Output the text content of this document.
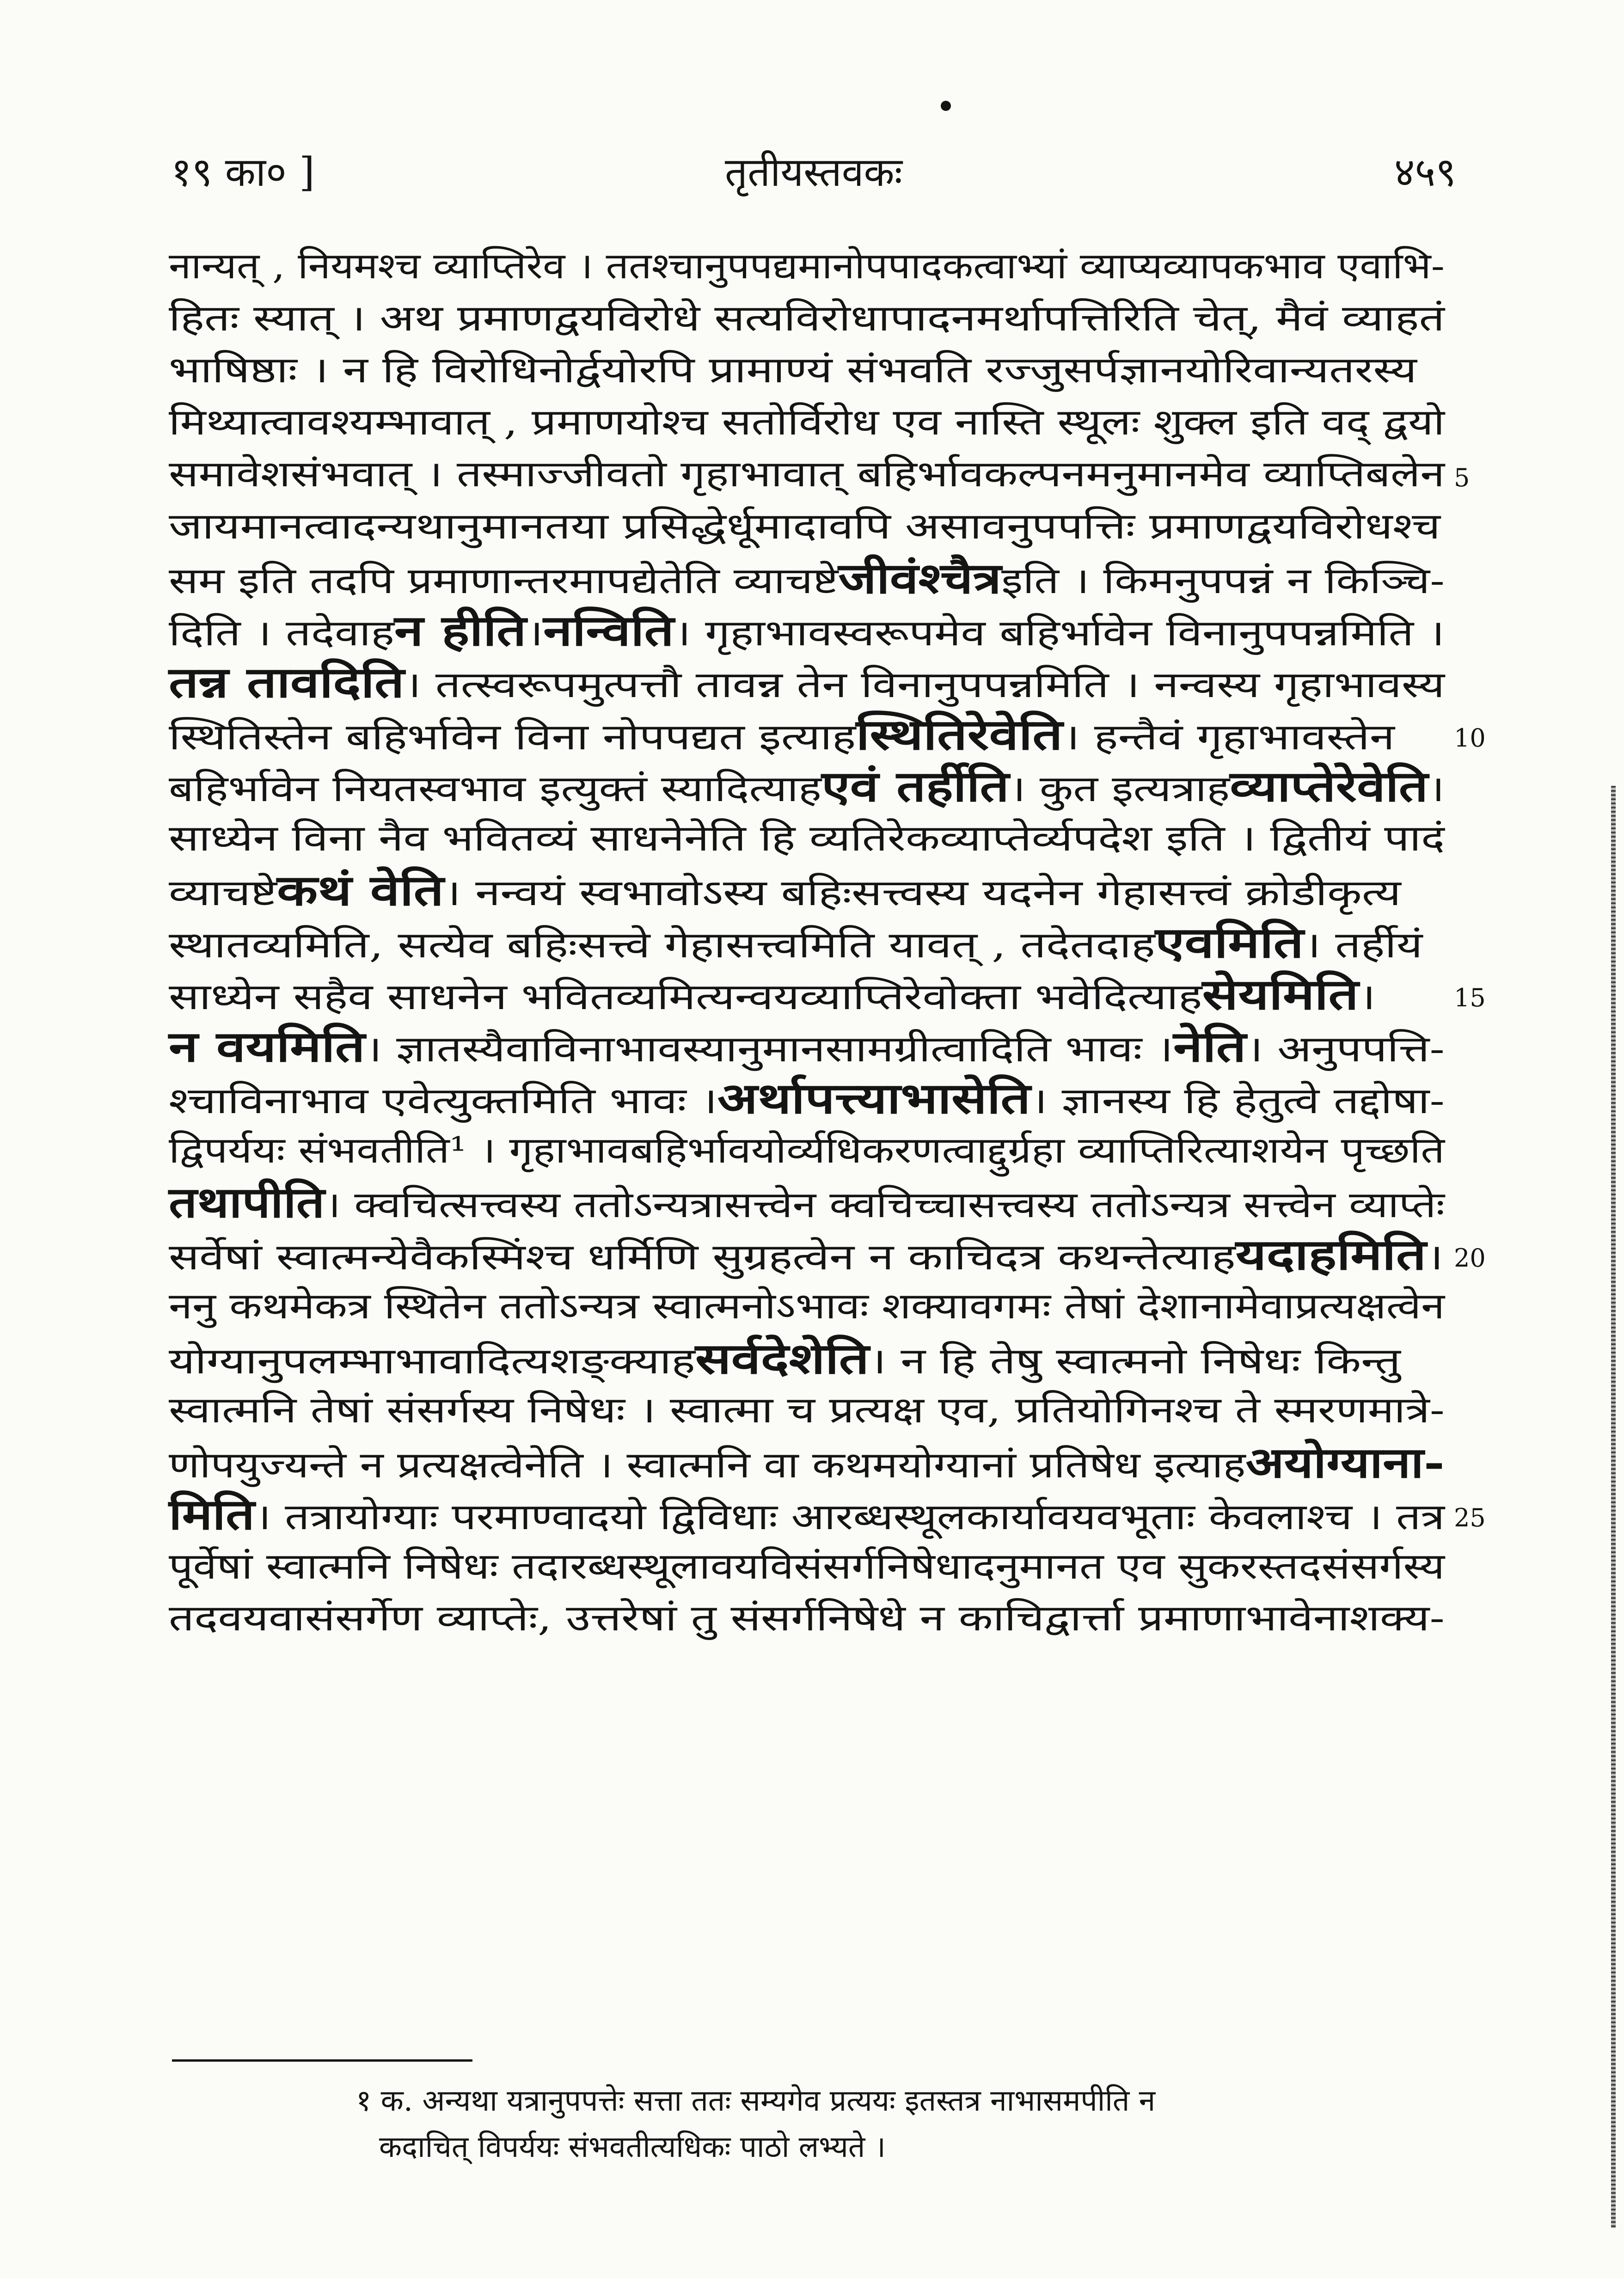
१९ का० ]	तृतीयस्तवकः	४५९
नान्यत् , नियमश्च व्याप्तिरेव । ततश्चानुपपद्यमानोपपादकत्वाभ्यां व्याप्यव्यापकभाव एवाभि-
हितः स्यात् । अथ प्रमाणद्वयविरोधे सत्यविरोधापादनमर्थापत्तिरिति चेत्, मैवं व्याहतं
भाषिष्ठाः । न हि विरोधिनोर्द्वयोरपि प्रामाण्यं संभवति रज्जुसर्पज्ञानयोरिवान्यतरस्य
मिथ्यात्वावश्यम्भावात् , प्रमाणयोश्च सतोर्विरोध एव नास्ति स्थूलः शुक्ल इति वद् द्वयो
समावेशसंभवात् । तस्माज्जीवतो गृहाभावात् बहिर्भावकल्पनमनुमानमेव व्याप्तिबलेन 5
जायमानत्वादन्यथानुमानतया प्रसिद्धेर्धूमादावपि असावनुपपत्तिः प्रमाणद्वयविरोधश्च
सम इति तदपि प्रमाणान्तरमापद्येतेति व्याचष्टेजीवंश्चैत्रइति । किमनुपपन्नं न किञ्चि-
दिति । तदेवाहन हीति।नन्विति। गृहाभावस्वरूपमेव बहिर्भावेन विनानुपपन्नमिति ।
तन्न तावदिति। तत्स्वरूपमुत्पत्तौ तावन्न तेन विनानुपपन्नमिति । नन्वस्य गृहाभावस्य
स्थितिस्तेन बहिर्भावेन विना नोपपद्यत इत्याहस्थितिरेवेति। हन्तैवं गृहाभावस्तेन 10
बहिर्भावेन नियतस्वभाव इत्युक्तं स्यादित्याहएवं तर्हीति। कुत इत्यत्राहव्याप्तेरेवेति।
साध्येन विना नैव भवितव्यं साधनेनेति हि व्यतिरेकव्याप्तेर्व्यपदेश इति । द्वितीयं पादं
व्याचष्टेकथं वेति। नन्वयं स्वभावोऽस्य बहिःसत्त्वस्य यदनेन गेहासत्त्वं क्रोडीकृत्य
स्थातव्यमिति, सत्येव बहिःसत्त्वे गेहासत्त्वमिति यावत् , तदेतदाहएवमिति। तर्हीयं
साध्येन सहैव साधनेन भवितव्यमित्यन्वयव्याप्तिरेवोक्ता भवेदित्याहसेयमिति।	15
न वयमिति। ज्ञातस्यैवाविनाभावस्यानुमानसामग्रीत्वादिति भावः ।नेति। अनुपपत्ति-
श्चाविनाभाव एवेत्युक्तमिति भावः ।अर्थापत्त्याभासेति। ज्ञानस्य हि हेतुत्वे तद्दोषा-
द्विपर्ययः संभवतीति¹ । गृहाभावबहिर्भावयोर्व्यधिकरणत्वाद्दुर्ग्रहा व्याप्तिरित्याशयेन पृच्छति
तथापीति। क्वचित्सत्त्वस्य ततोऽन्यत्रासत्त्वेन क्वचिच्चासत्त्वस्य ततोऽन्यत्र सत्त्वेन व्याप्तेः
सर्वेषां स्वात्मन्येवैकस्मिंश्च धर्मिणि सुग्रहत्वेन न काचिदत्र कथन्तेत्याहयदाहमिति। 20
ननु कथमेकत्र स्थितेन ततोऽन्यत्र स्वात्मनोऽभावः शक्यावगमः तेषां देशानामेवाप्रत्यक्षत्वेन
योग्यानुपलम्भाभावादित्यशङ्क्याहसर्वदेशेति। न हि तेषु स्वात्मनो निषेधः किन्तु
स्वात्मनि तेषां संसर्गस्य निषेधः । स्वात्मा च प्रत्यक्ष एव, प्रतियोगिनश्च ते स्मरणमात्रे-
णोपयुज्यन्ते न प्रत्यक्षत्वेनेति । स्वात्मनि वा कथमयोग्यानां प्रतिषेध इत्याहअयोग्याना-
मिति। तत्रायोग्याः परमाण्वादयो द्विविधाः आरब्धस्थूलकार्यावयवभूताः केवलाश्च । तत्र 25
पूर्वेषां स्वात्मनि निषेधः तदारब्धस्थूलावयविसंसर्गनिषेधादनुमानत एव सुकरस्तदसंसर्गस्य
तदवयवासंसर्गेण व्याप्तेः, उत्तरेषां तु संसर्गनिषेधे न काचिद्वार्त्ता प्रमाणाभावेनाशक्य-
१ क. अन्यथा यत्रानुपपत्तेः सत्ता ततः सम्यगेव प्रत्ययः इतस्तत्र नाभासमपीति न
कदाचित् विपर्ययः संभवतीत्यधिकः पाठो लभ्यते ।
